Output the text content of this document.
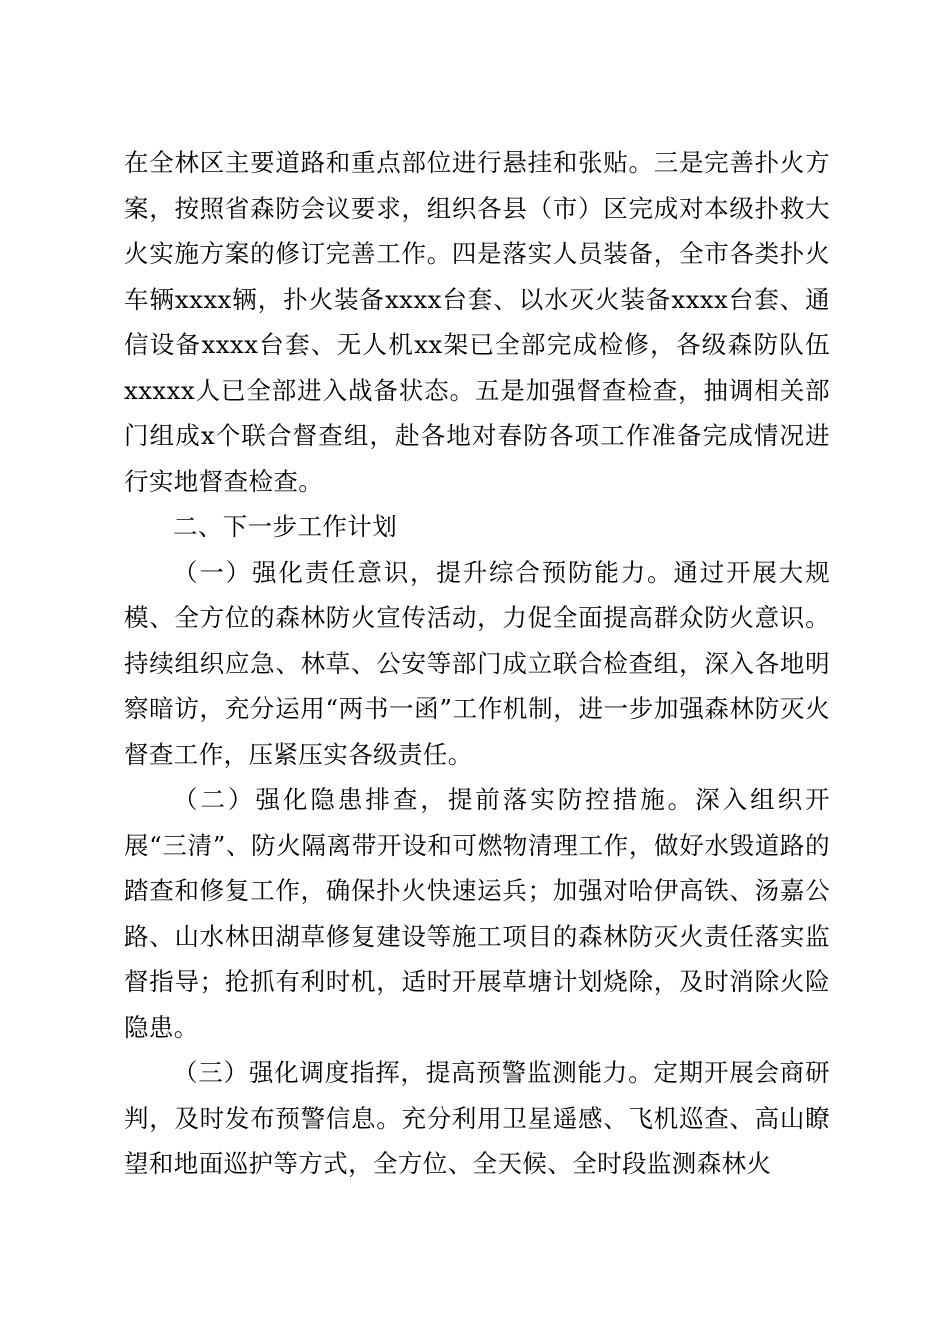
在全林区主要道路和重点部位进行悬挂和张贴。三是完善扑火方案，按照省森防会议要求，组织各县（市）区完成对本级扑救大火实施方案的修订完善工作。四是落实人员装备，全市各类扑火车辆xxxx辆，扑火装备xxxx台套、以水灭火装备xxxx台套、通信设备xxxx台套、无人机xx架已全部完成检修，各级森防队伍xxxxx人已全部进入战备状态。五是加强督查检查，抽调相关部门组成x个联合督查组，赴各地对春防各项工作准备完成情况进行实地督查检查。

二、下一步工作计划

（一）强化责任意识，提升综合预防能力。通过开展大规模、全方位的森林防火宣传活动，力促全面提高群众防火意识。持续组织应急、林草、公安等部门成立联合检查组，深入各地明察暗访，充分运用“两书一函”工作机制，进一步加强森林防灭火督查工作，压紧压实各级责任。

（二）强化隐患排查，提前落实防控措施。深入组织开展“三清”、防火隔离带开设和可燃物清理工作，做好水毁道路的踏查和修复工作，确保扑火快速运兵；加强对哈伊高铁、汤嘉公路、山水林田湖草修复建设等施工项目的森林防灭火责任落实监督指导；抢抓有利时机，适时开展草塘计划烧除，及时消除火险隐患。

（三）强化调度指挥，提高预警监测能力。定期开展会商研判，及时发布预警信息。充分利用卫星遥感、飞机巡查、高山瞭望和地面巡护等方式，全方位、全天候、全时段监测森林火
